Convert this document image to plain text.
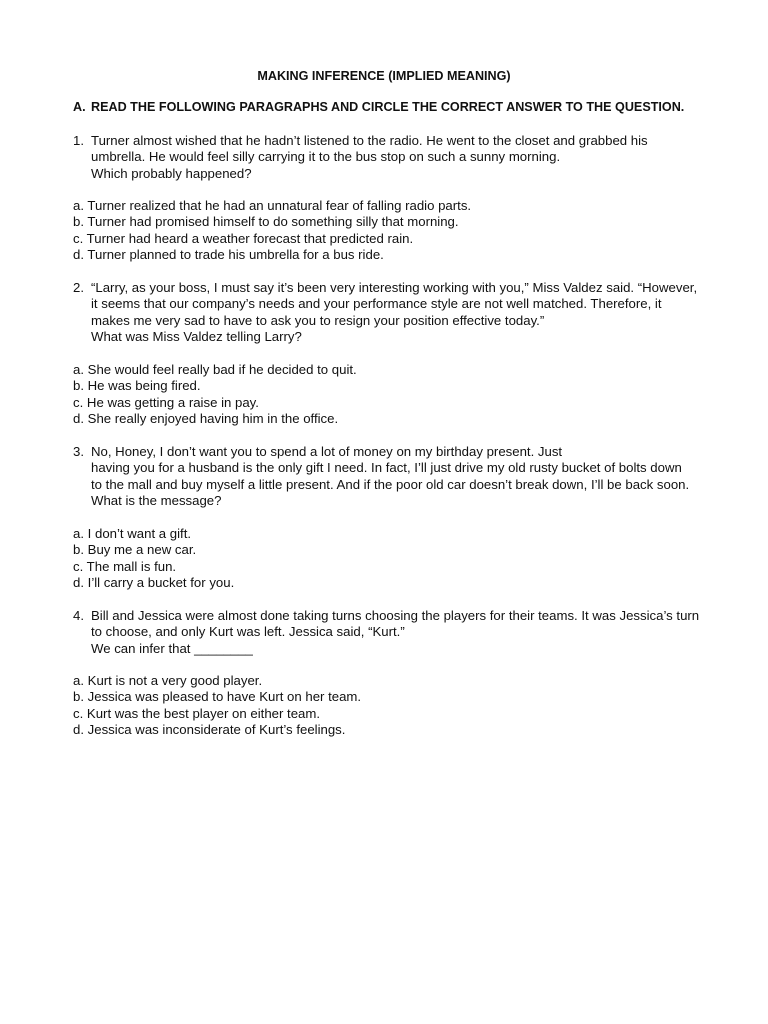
MAKING INFERENCE (IMPLIED MEANING)
A. READ THE FOLLOWING PARAGRAPHS AND CIRCLE THE CORRECT ANSWER TO THE QUESTION.
1. Turner almost wished that he hadn’t listened to the radio. He went to the closet and grabbed his

umbrella. He would feel silly carrying it to the bus stop on such a sunny morning.

Which probably happened?

a. Turner realized that he had an unnatural fear of falling radio parts.
b. Turner had promised himself to do something silly that morning.
c. Turner had heard a weather forecast that predicted rain.
d. Turner planned to trade his umbrella for a bus ride.
2. “Larry, as your boss, I must say it’s been very interesting working with you,” Miss Valdez said. “However,

it seems that our company’s needs and your performance style are not well matched. Therefore, it

makes me very sad to have to ask you to resign your position effective today.”

What was Miss Valdez telling Larry?

a. She would feel really bad if he decided to quit.
b. He was being fired.
c. He was getting a raise in pay.
d. She really enjoyed having him in the office.
3. No, Honey, I don’t want you to spend a lot of money on my birthday present. Just

having you for a husband is the only gift I need. In fact, I’ll just drive my old rusty bucket of bolts down

to the mall and buy myself a little present. And if the poor old car doesn’t break down, I’ll be back soon.

What is the message?

a. I don’t want a gift.
b. Buy me a new car.
c. The mall is fun.
d. I’ll carry a bucket for you.
4. Bill and Jessica were almost done taking turns choosing the players for their teams. It was Jessica’s turn

to choose, and only Kurt was left. Jessica said, “Kurt.”

We can infer that ________

a. Kurt is not a very good player.
b. Jessica was pleased to have Kurt on her team.
c. Kurt was the best player on either team.
d. Jessica was inconsiderate of Kurt’s feelings.
